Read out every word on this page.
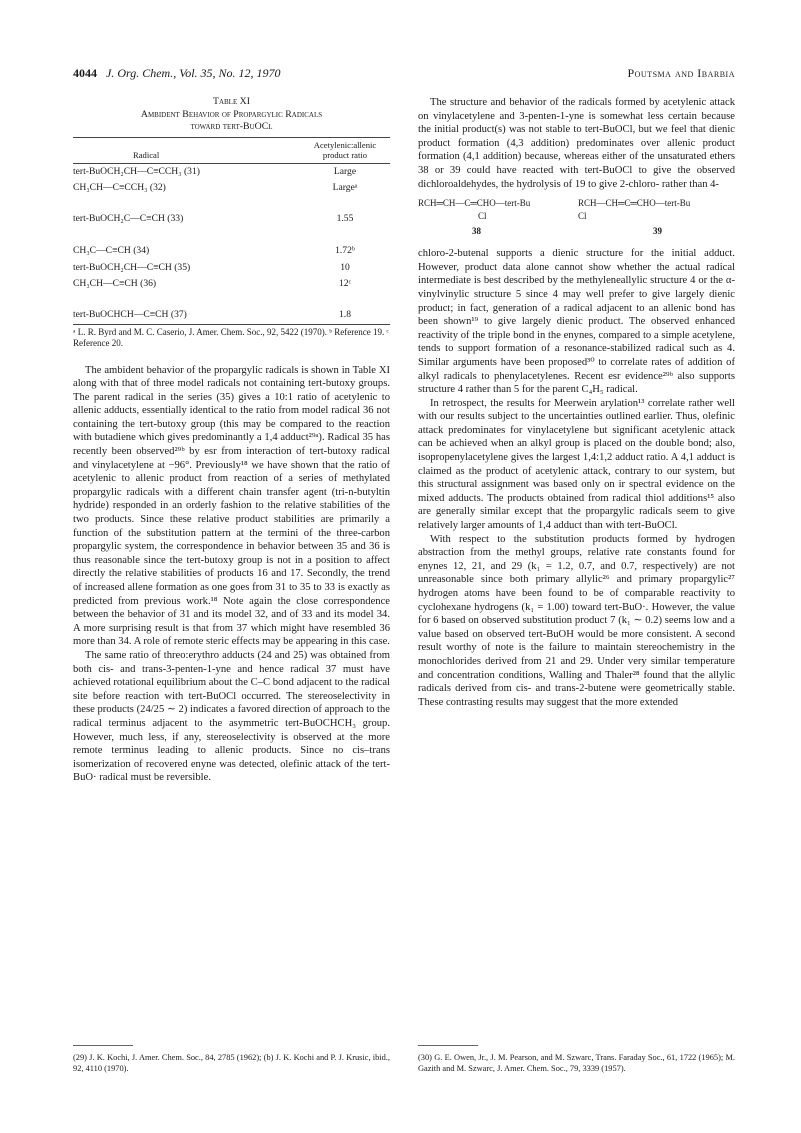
4044 J. Org. Chem., Vol. 35, No. 12, 1970	Poutsma and Ibarbia
Table XI
Ambident Behavior of Propargylic Radicals
toward tert-BuOCl
Radical	Acetylenic:allenic product ratio
tert-BuOCH₂CH—C≡CCH₃ (31)	Large
CH₃CH—C≡CCH₃ (32)	Largeᵃ
tert-BuOCH₂C—C≡CH (33)	1.55
CH₃C—C≡CH (34)	1.72ᵇ
tert-BuOCH₂CH—C≡CH (35)	10
CH₃CH—C≡CH (36)	12ᶜ
tert-BuOCHCH—C≡CH (37)	1.8
ᵃ L. R. Byrd and M. C. Caserio, J. Amer. Chem. Soc., 92, 5422 (1970). ᵇ Reference 19. ᶜ Reference 20.

The ambident behavior of the propargylic radicals is shown in Table XI along with that of three model radicals not containing tert-butoxy groups. The parent radical in the series (35) gives a 10:1 ratio of acetylenic to allenic adducts, essentially identical to the ratio from model radical 36 not containing the tert-butoxy group (this may be compared to the reaction with butadiene which gives predominantly a 1,4 adduct²⁹ᵃ). Radical 35 has recently been observed²⁹ᵇ by esr from interaction of tert-butoxy radical and vinylacetylene at −96°. Previously¹⁸ we have shown that the ratio of acetylenic to allenic product from reaction of a series of methylated propargylic radicals with a different chain transfer agent (tri-n-butyltin hydride) responded in an orderly fashion to the relative stabilities of the two products. Since these relative product stabilities are primarily a function of the substitution pattern at the termini of the three-carbon propargylic system, the correspondence in behavior between 35 and 36 is thus reasonable since the tert-butoxy group is not in a position to affect directly the relative stabilities of products 16 and 17. Secondly, the trend of increased allene formation as one goes from 31 to 35 to 33 is exactly as predicted from previous work.¹⁸ Note again the close correspondence between the behavior of 31 and its model 32, and of 33 and its model 34. A more surprising result is that from 37 which might have resembled 36 more than 34. A role of remote steric effects may be appearing in this case.

The same ratio of threo:erythro adducts (24 and 25) was obtained from both cis- and trans-3-penten-1-yne and hence radical 37 must have achieved rotational equilibrium about the C–C bond adjacent to the radical site before reaction with tert-BuOCl occurred. The stereoselectivity in these products (24/25 ∼ 2) indicates a favored direction of approach to the radical terminus adjacent to the asymmetric tert-BuOCHCH₃ group. However, much less, if any, stereoselectivity is observed at the more remote terminus leading to allenic products. Since no cis–trans isomerization of recovered enyne was detected, olefinic attack of the tert-BuO· radical must be reversible.

The structure and behavior of the radicals formed by acetylenic attack on vinylacetylene and 3-penten-1-yne is somewhat less certain because the initial product(s) was not stable to tert-BuOCl, but we feel that dienic product formation (4,3 addition) predominates over allenic product formation (4,1 addition) because, whereas either of the unsaturated ethers 38 or 39 could have reacted with tert-BuOCl to give the observed dichloroaldehydes, the hydrolysis of 19 to give 2-chloro- rather than 4-

RCH═CH—C═CHO—tert-Bu
Cl
38
RCH—CH═C═CHO—tert-Bu
Cl
39

chloro-2-butenal supports a dienic structure for the initial adduct. However, product data alone cannot show whether the actual radical intermediate is best described by the methyleneallylic structure 4 or the α-vinylvinylic structure 5 since 4 may well prefer to give largely dienic product; in fact, generation of a radical adjacent to an allenic bond has been shown¹⁹ to give largely dienic product. The observed enhanced reactivity of the triple bond in the enynes, compared to a simple acetylene, tends to support formation of a resonance-stabilized radical such as 4. Similar arguments have been proposed³⁰ to correlate rates of addition of alkyl radicals to phenylacetylenes. Recent esr evidence²⁹ᵇ also supports structure 4 rather than 5 for the parent C₄H₅ radical.

In retrospect, the results for Meerwein arylation¹³ correlate rather well with our results subject to the uncertainties outlined earlier. Thus, olefinic attack predominates for vinylacetylene but significant acetylenic attack can be achieved when an alkyl group is placed on the double bond; also, isopropenylacetylene gives the largest 1,4:1,2 adduct ratio. A 4,1 adduct is claimed as the product of acetylenic attack, contrary to our system, but this structural assignment was based only on ir spectral evidence on the mixed adducts. The products obtained from radical thiol additions¹⁵ also are generally similar except that the propargylic radicals seem to give relatively larger amounts of 1,4 adduct than with tert-BuOCl.

With respect to the substitution products formed by hydrogen abstraction from the methyl groups, relative rate constants found for enynes 12, 21, and 29 (k₁ = 1.2, 0.7, and 0.7, respectively) are not unreasonable since both primary allylic²⁶ and primary propargylic²⁷ hydrogen atoms have been found to be of comparable reactivity to cyclohexane hydrogens (k₁ = 1.00) toward tert-BuO·. However, the value for 6 based on observed substitution product 7 (k₁ ∼ 0.2) seems low and a value based on observed tert-BuOH would be more consistent. A second result worthy of note is the failure to maintain stereochemistry in the monochlorides derived from 21 and 29. Under very similar temperature and concentration conditions, Walling and Thaler²⁸ found that the allylic radicals derived from cis- and trans-2-butene were geometrically stable. These contrasting results may suggest that the more extended

(29) J. K. Kochi, J. Amer. Chem. Soc., 84, 2785 (1962); (b) J. K. Kochi and P. J. Krusic, ibid., 92, 4110 (1970).
(30) G. E. Owen, Jr., J. M. Pearson, and M. Szwarc, Trans. Faraday Soc., 61, 1722 (1965); M. Gazith and M. Szwarc, J. Amer. Chem. Soc., 79, 3339 (1957).
